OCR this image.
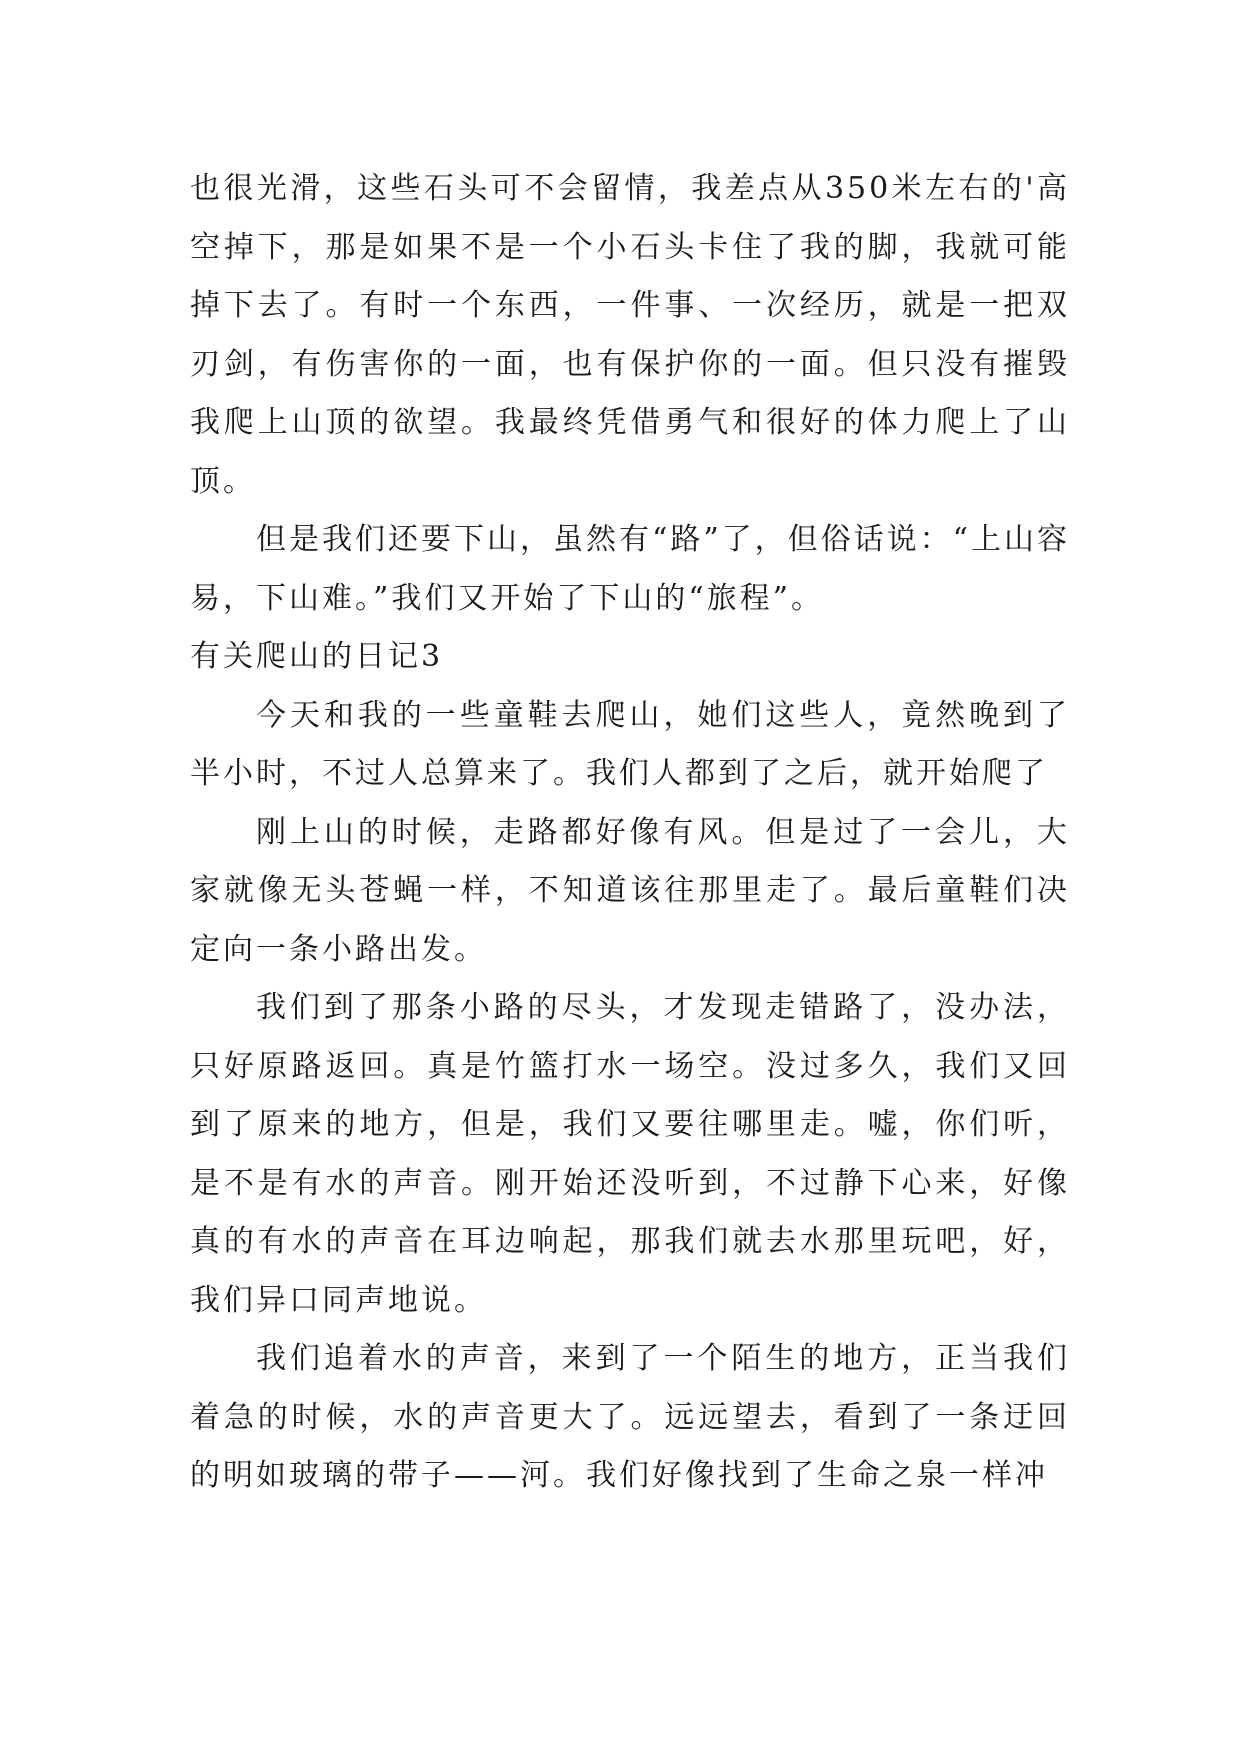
也很光滑，这些石头可不会留情，我差点从350米左右的'高空掉下，那是如果不是一个小石头卡住了我的脚，我就可能掉下去了。有时一个东西，一件事、一次经历，就是一把双刃剑，有伤害你的一面，也有保护你的一面。但只没有摧毁我爬上山顶的欲望。我最终凭借勇气和很好的体力爬上了山顶。

但是我们还要下山，虽然有“路”了，但俗话说：“上山容易，下山难。”我们又开始了下山的“旅程”。

有关爬山的日记3

今天和我的一些童鞋去爬山，她们这些人，竟然晚到了半小时，不过人总算来了。我们人都到了之后，就开始爬了

刚上山的时候，走路都好像有风。但是过了一会儿，大家就像无头苍蝇一样，不知道该往那里走了。最后童鞋们决定向一条小路出发。

我们到了那条小路的尽头，才发现走错路了，没办法，只好原路返回。真是竹篮打水一场空。没过多久，我们又回到了原来的地方，但是，我们又要往哪里走。嘘，你们听，是不是有水的声音。刚开始还没听到，不过静下心来，好像真的有水的声音在耳边响起，那我们就去水那里玩吧，好，我们异口同声地说。

我们追着水的声音，来到了一个陌生的地方，正当我们着急的时候，水的声音更大了。远远望去，看到了一条迂回的明如玻璃的带子——河。我们好像找到了生命之泉一样冲
